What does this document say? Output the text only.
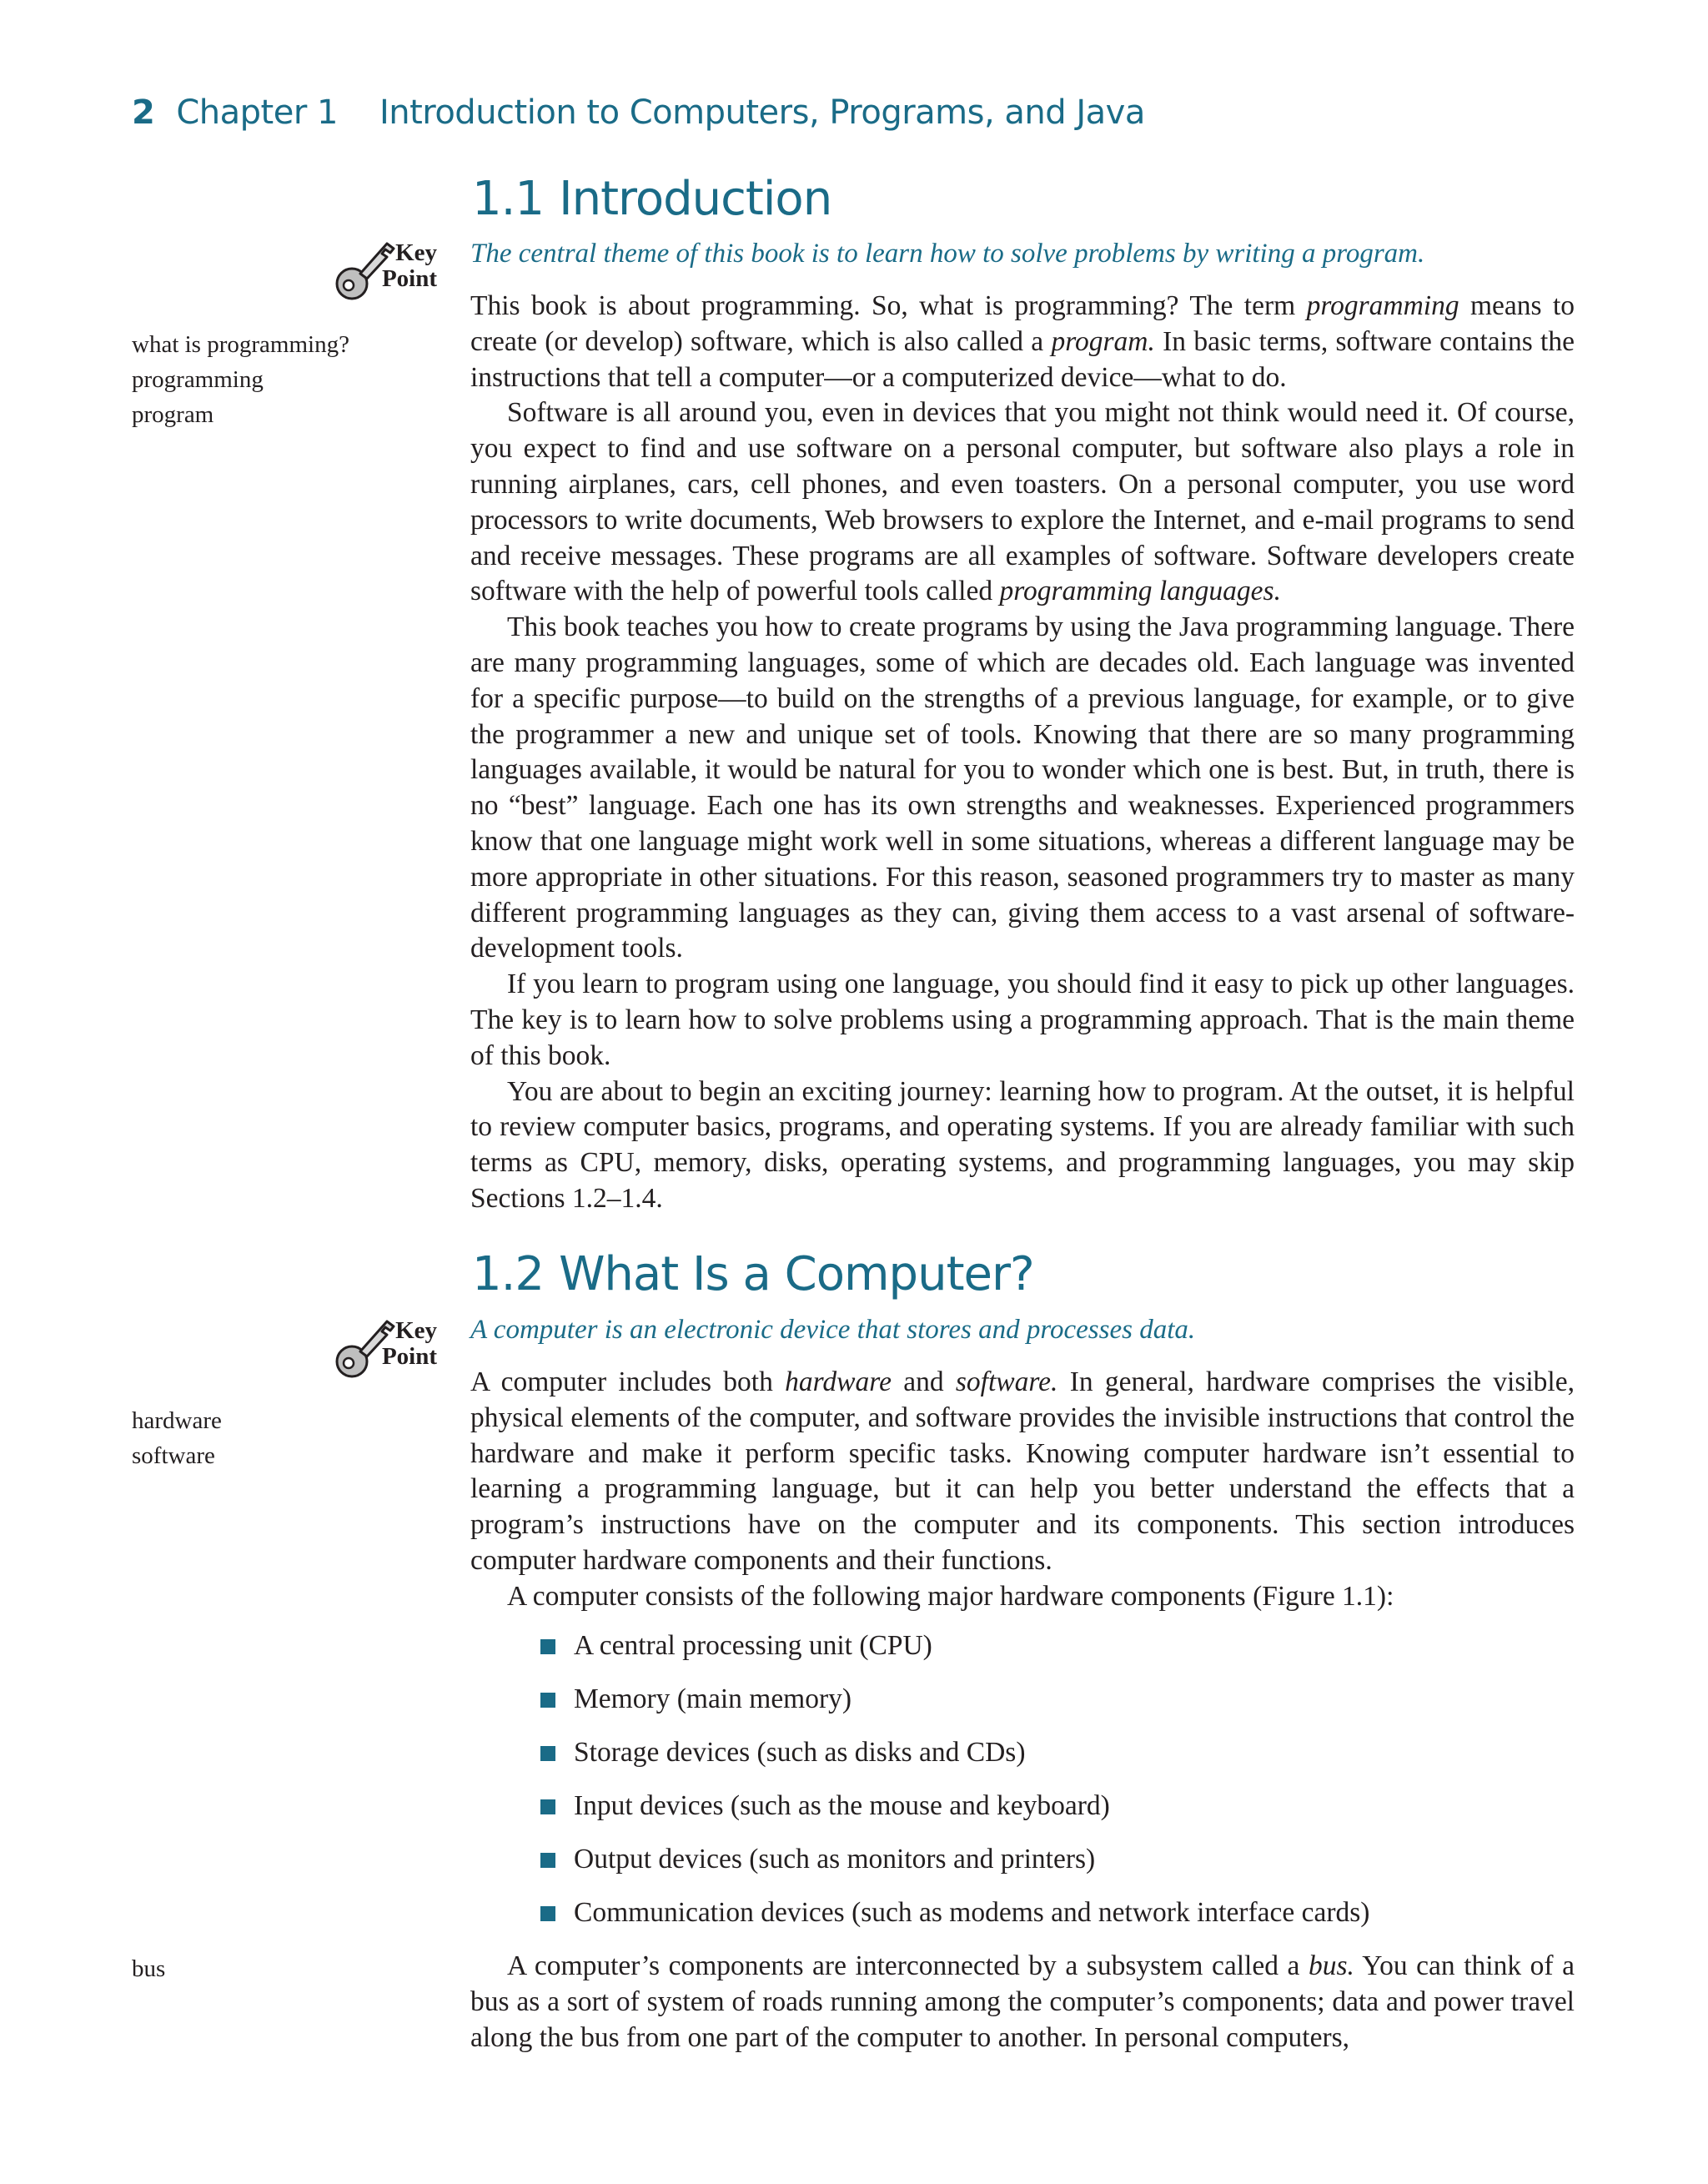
2 Chapter 1 Introduction to Computers, Programs, and Java
1.1 Introduction
Key
Point
The central theme of this book is to learn how to solve problems by writing a program.
what is programming?
programming
program

This book is about programming. So, what is programming? The term programming means to create (or develop) software, which is also called a program. In basic terms, software contains the instructions that tell a computer—or a computerized device—what to do.

Software is all around you, even in devices that you might not think would need it. Of course, you expect to find and use software on a personal computer, but software also plays a role in running airplanes, cars, cell phones, and even toasters. On a personal computer, you use word processors to write documents, Web browsers to explore the Internet, and e-mail programs to send and receive messages. These programs are all examples of software. Software developers create software with the help of powerful tools called programming languages.

This book teaches you how to create programs by using the Java programming language. There are many programming languages, some of which are decades old. Each language was invented for a specific purpose—to build on the strengths of a previous language, for example, or to give the programmer a new and unique set of tools. Knowing that there are so many programming languages available, it would be natural for you to wonder which one is best. But, in truth, there is no “best” language. Each one has its own strengths and weaknesses. Experienced programmers know that one language might work well in some situations, whereas a different language may be more appropriate in other situations. For this reason, seasoned programmers try to master as many different programming languages as they can, giving them access to a vast arsenal of software-development tools.

If you learn to program using one language, you should find it easy to pick up other languages. The key is to learn how to solve problems using a programming approach. That is the main theme of this book.

You are about to begin an exciting journey: learning how to program. At the outset, it is helpful to review computer basics, programs, and operating systems. If you are already familiar with such terms as CPU, memory, disks, operating systems, and programming languages, you may skip Sections 1.2–1.4.

1.2 What Is a Computer?
Key
Point
A computer is an electronic device that stores and processes data.
hardware
software

A computer includes both hardware and software. In general, hardware comprises the visible, physical elements of the computer, and software provides the invisible instructions that control the hardware and make it perform specific tasks. Knowing computer hardware isn’t essential to learning a programming language, but it can help you better understand the effects that a program’s instructions have on the computer and its components. This section introduces computer hardware components and their functions.

A computer consists of the following major hardware components (Figure 1.1):

A central processing unit (CPU)
Memory (main memory)
Storage devices (such as disks and CDs)
Input devices (such as the mouse and keyboard)
Output devices (such as monitors and printers)
Communication devices (such as modems and network interface cards)
bus	A computer’s components are interconnected by a subsystem called a bus. You can think of a bus as a sort of system of roads running among the computer’s components; data and power travel along the bus from one part of the computer to another. In personal computers,
